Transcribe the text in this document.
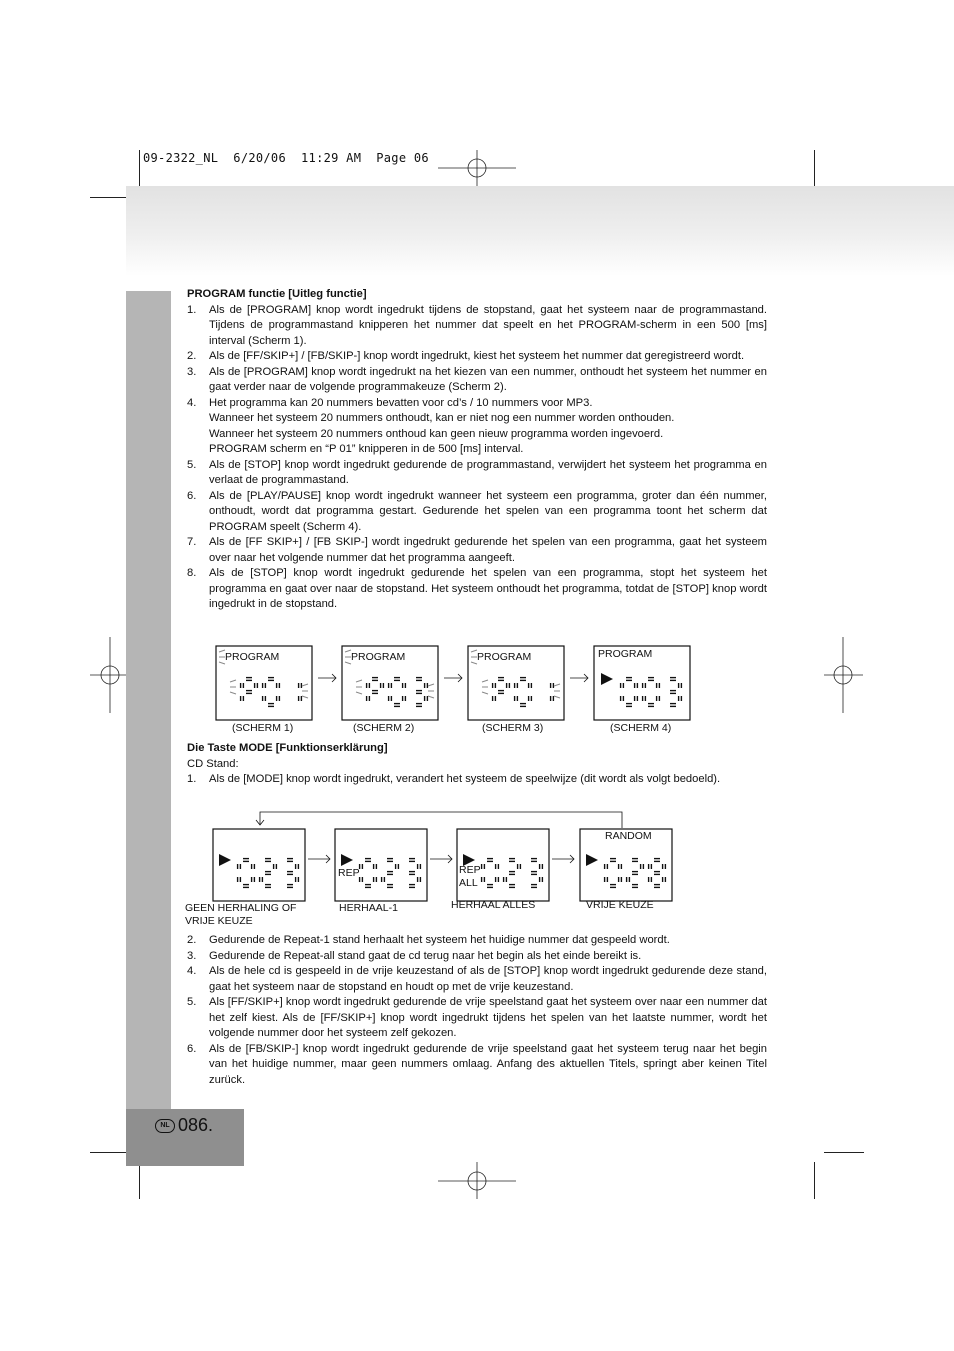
09-2322_NL  6/20/06  11:29 AM  Page 06
NL 086.
PROGRAM functie [Uitleg functie]
1. Als de [PROGRAM] knop wordt ingedrukt tijdens de stopstand, gaat het systeem naar de programmastand. Tijdens de programmastand knipperen het nummer dat speelt en het PROGRAM-scherm in een 500 [ms] interval (Scherm 1).
2. Als de [FF/SKIP+] / [FB/SKIP-] knop wordt ingedrukt, kiest het systeem het nummer dat geregistreerd wordt.
3. Als de [PROGRAM] knop wordt ingedrukt na het kiezen van een nummer, onthoudt het systeem het nummer en gaat verder naar de volgende programmakeuze (Scherm 2).
4. Het programma kan 20 nummers bevatten voor cd’s / 10 nummers voor MP3.
Wanneer het systeem 20 nummers onthoudt, kan er niet nog een nummer worden onthouden.
Wanneer het systeem 20 nummers onthoud kan geen nieuw programma worden ingevoerd.
PROGRAM scherm en “P 01” knipperen in de 500 [ms] interval.
5. Als de [STOP] knop wordt ingedrukt gedurende de programmastand, verwijdert het systeem het programma en verlaat de programmastand.
6. Als de [PLAY/PAUSE] knop wordt ingedrukt wanneer het systeem een programma, groter dan één nummer, onthoudt, wordt dat programma gestart. Gedurende het spelen van een programma toont het scherm dat PROGRAM speelt (Scherm 4).
7. Als de [FF SKIP+] / [FB SKIP-] wordt ingedrukt gedurende het spelen van een programma, gaat het systeem over naar het volgende nummer dat het programma aangeeft.
8. Als de [STOP] knop wordt ingedrukt gedurende het spelen van een programma, stopt het systeem het programma en gaat over naar de stopstand. Het systeem onthoudt het programma, totdat de [STOP] knop wordt ingedrukt in de stopstand.
PROGRAM
(SCHERM 1)
PROGRAM
(SCHERM 2)
PROGRAM
(SCHERM 3)
PROGRAM
(SCHERM 4)
Die Taste MODE [Funktionserklärung]
CD Stand:
1. Als de [MODE] knop wordt ingedrukt, verandert het systeem de speelwijze (dit wordt als volgt bedoeld).
GEEN HERHALING OF
VRIJE KEUZE
REP
HERHAAL-1
REP ALL
HERHAAL ALLES
RANDOM
VRIJE KEUZE
2. Gedurende de Repeat-1 stand herhaalt het systeem het huidige nummer dat gespeeld wordt.
3. Gedurende de Repeat-all stand gaat de cd terug naar het begin als het einde bereikt is.
4. Als de hele cd is gespeeld in de vrije keuzestand of als de [STOP] knop wordt ingedrukt gedurende deze stand, gaat het systeem naar de stopstand en houdt op met de vrije keuzestand.
5. Als [FF/SKIP+] knop wordt ingedrukt gedurende de vrije speelstand gaat het systeem over naar een nummer dat het zelf kiest. Als de [FF/SKIP+] knop wordt ingedrukt tijdens het spelen van het laatste nummer, wordt het volgende nummer door het systeem zelf gekozen.
6. Als de [FB/SKIP-] knop wordt ingedrukt gedurende de vrije speelstand gaat het systeem terug naar het begin van het huidige nummer, maar geen nummers omlaag. Anfang des aktuellen Titels, springt aber keinen Titel zurück.
